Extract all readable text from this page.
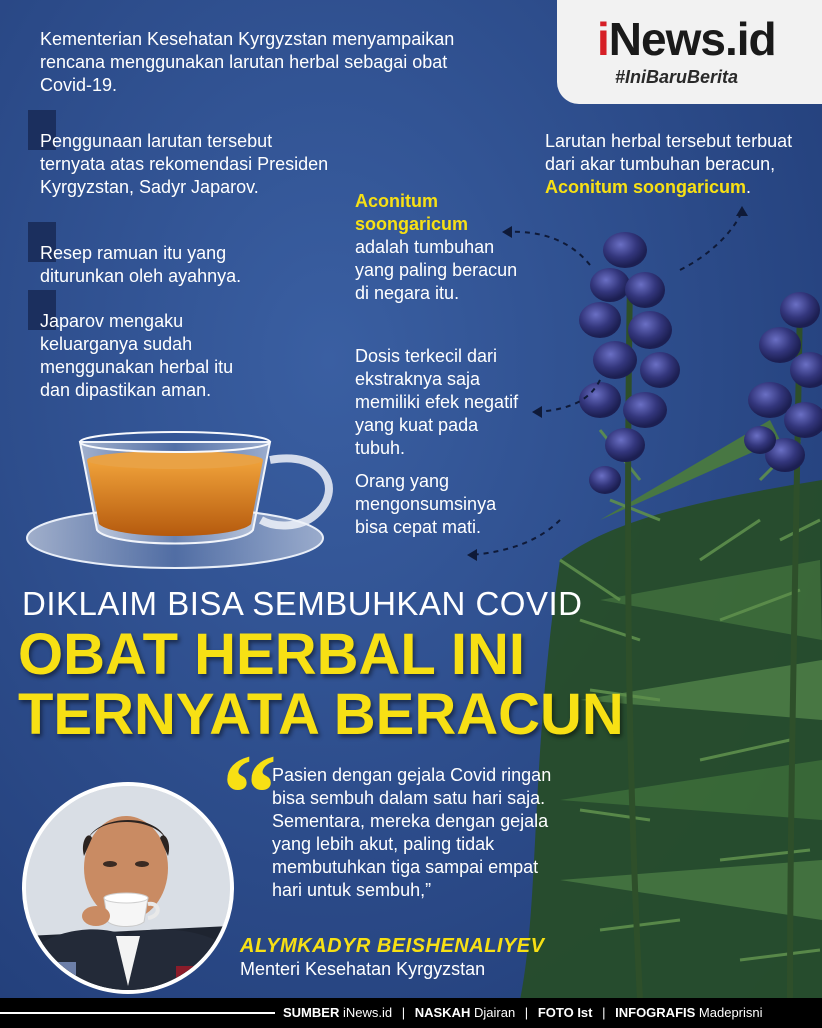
iNews.id
#IniBaruBerita
Kementerian Kesehatan Kyrgyzstan menyampaikan rencana menggunakan larutan herbal sebagai obat Covid-19.
Penggunaan larutan tersebut ternyata atas rekomendasi Presiden Kyrgyzstan, Sadyr Japarov.
Resep ramuan itu yang diturunkan oleh ayahnya.
Japarov mengaku keluarganya sudah menggunakan herbal itu dan dipastikan aman.
Larutan herbal tersebut terbuat dari akar tumbuhan beracun, Aconitum soongaricum.
Aconitum soongaricum adalah tumbuhan yang paling beracun di negara itu.
Dosis terkecil dari ekstraknya saja memiliki efek negatif yang kuat pada tubuh.
Orang yang mengonsumsinya bisa cepat mati.
DIKLAIM BISA SEMBUHKAN COVID
OBAT HERBAL INI
TERNYATA BERACUN
“
Pasien dengan gejala Covid ringan bisa sembuh dalam satu hari saja. Sementara, mereka dengan gejala yang lebih akut, paling tidak membutuhkan tiga sampai empat hari untuk sembuh,”
ALYMKADYR BEISHENALIYEV
Menteri Kesehatan Kyrgyzstan
SUMBER iNews.id | NASKAH Djairan | FOTO Ist | INFOGRAFIS Madeprisni
